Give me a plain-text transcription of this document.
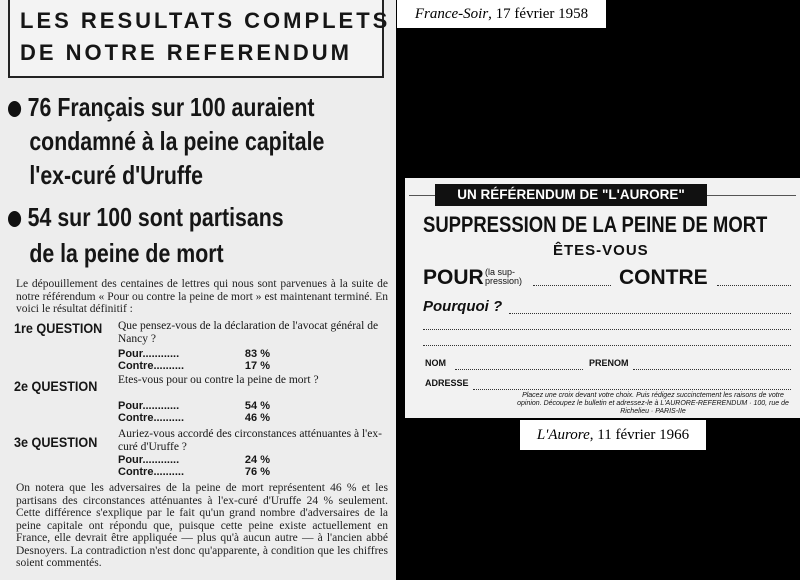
LES RESULTATS COMPLETS
DE NOTRE REFERENDUM
76 Français sur 100 auraient
condamné à la peine capitale
l'ex-curé d'Uruffe
54 sur 100 sont partisans
de la peine de mort
Le dépouillement des centaines de lettres qui nous sont parvenues à la suite de notre référendum « Pour ou contre la peine de mort » est maintenant terminé. En voici le résultat définitif :
1re QUESTION Que pensez-vous de la déclaration de l'avocat général de Nancy ?
Pour............	83 %
Contre..........	17 %
2e QUESTION Etes-vous pour ou contre la peine de mort ?
Pour............	54 %
Contre..........	46 %
3e QUESTION Auriez-vous accordé des circonstances atténuantes à l'ex-curé d'Uruffe ?
Pour............	24 %
Contre..........	76 %
On notera que les adversaires de la peine de mort représentent 46 % et les partisans des circonstances atténuantes à l'ex-curé d'Uruffe 24 % seulement. Cette différence s'explique par le fait qu'un grand nombre d'adversaires de la peine capitale ont répondu que, puisque cette peine existe actuellement en France, elle devrait être appliquée — plus qu'à aucun autre — à l'ancien abbé Desnoyers. La contradiction n'est donc qu'apparente, à condition que les chiffres soient commentés.
France-Soir, 17 février 1958
UN RÉFÉRENDUM DE "L'AURORE"
SUPPRESSION DE LA PEINE DE MORT
ÊTES-VOUS
POUR (la sup-
pression)	CONTRE
Pourquoi ?
NOM	PRENOM
ADRESSE
Placez une croix devant votre choix. Puis rédigez succinctement les raisons de votre opinion. Découpez le bulletin et adressez-le à L'AURORE-REFERENDUM · 100, rue de Richelieu · PARIS-IIe
L'Aurore, 11 février 1966
